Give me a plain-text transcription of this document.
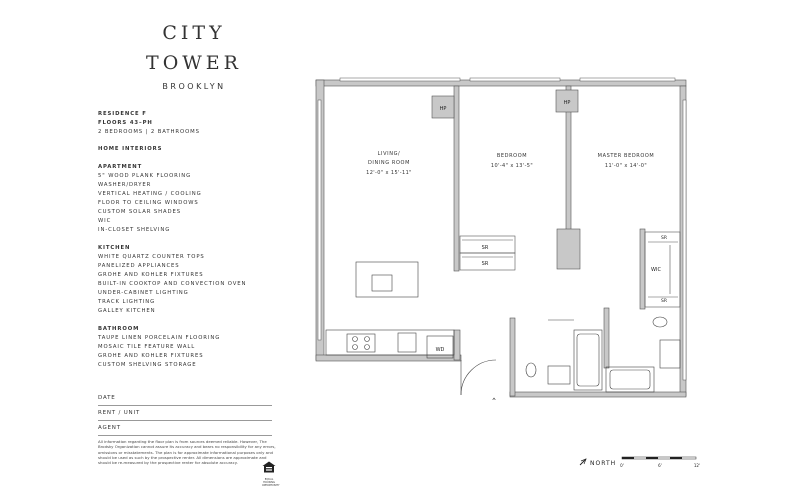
CITY
TOWER
BROOKLYN
RESIDENCE F
FLOORS 43–PH
2 BEDROOMS | 2 BATHROOMS
HOME INTERIORS
APARTMENT
5" WOOD PLANK FLOORING
WASHER/DRYER
VERTICAL HEATING / COOLING
FLOOR TO CEILING WINDOWS
CUSTOM SOLAR SHADES
WIC
IN-CLOSET SHELVING
KITCHEN
WHITE QUARTZ COUNTER TOPS
PANELIZED APPLIANCES
GROHE AND KOHLER FIXTURES
BUILT-IN COOKTOP AND CONVECTION OVEN
UNDER-CABINET LIGHTING
TRACK LIGHTING
GALLEY KITCHEN
BATHROOM
TAUPE LINEN PORCELAIN FLOORING
MOSAIC TILE FEATURE WALL
GROHE AND KOHLER FIXTURES
CUSTOM SHELVING STORAGE
DATE
RENT / UNIT
AGENT
All information regarding the floor plan is from sources deemed reliable. However, The Brodsky Organization cannot assure its accuracy and bears no responsibility for any errors, omissions or misstatements. The plan is for approximate informational purposes only and should be used as such by the prospective renter. All dimensions are approximate and should be re-measured by the prospective renter for absolute accuracy.
EQUAL HOUSING OPPORTUNITY
HP
HP
LIVING/
DINING ROOM
12'-0" x 15'-11"
BEDROOM
10'-4" x 13'-5"
MASTER BEDROOM
11'-0" x 14'-0"
SR
SR
SR
WIC
SR
WD
NORTH 0'	6'	12'
